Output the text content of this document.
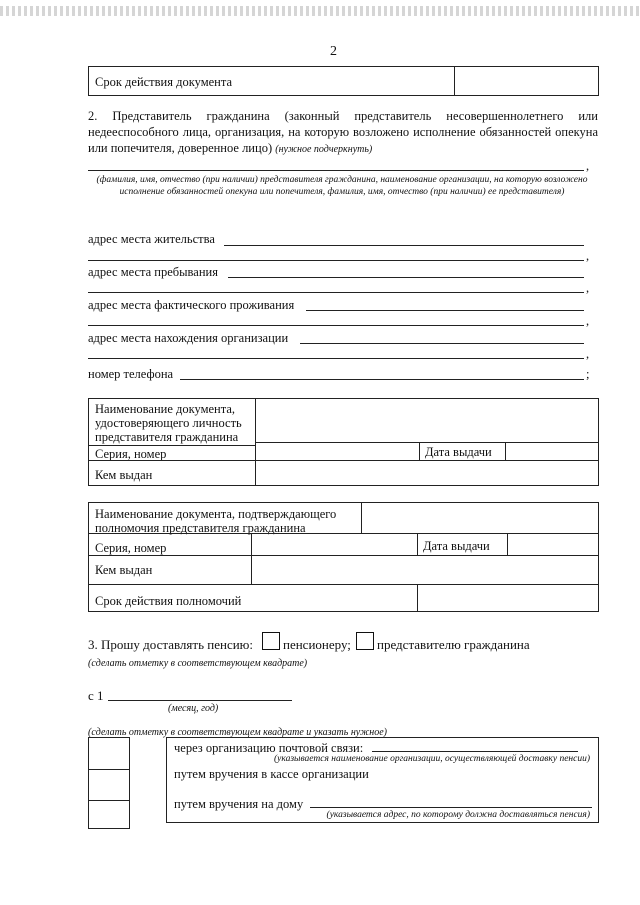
2
Срок действия документа
2. Представитель гражданина (законный представитель несовершеннолетнего или недееспособного лица, организация, на которую возложено исполнение обязанностей опекуна или попечителя, доверенное лицо) (нужное подчеркнуть)
,
(фамилия, имя, отчество (при наличии) представителя гражданина, наименование организации, на которую возложено исполнение обязанностей опекуна или попечителя, фамилия, имя, отчество (при наличии) ее представителя)
адрес места жительства
,
адрес места пребывания
,
адрес места фактического проживания
,
адрес места нахождения организации
,
номер телефона	;
Наименование документа, удостоверяющего личность представителя гражданина
Серия, номер	Дата выдачи
Кем выдан
Наименование документа, подтверждающего полномочия представителя гражданина
Серия, номер	Дата выдачи
Кем выдан
Срок действия полномочий
3. Прошу доставлять пенсию:	пенсионеру; представителю гражданина
(сделать отметку в соответствующем квадрате)
с 1
(месяц, год)
(сделать отметку в соответствующем квадрате и указать нужное)
через организацию почтовой связи:
(указывается наименование организации, осуществляющей доставку пенсии)
путем вручения в кассе организации
путем вручения на дому
(указывается адрес, по которому должна доставляться пенсия)
